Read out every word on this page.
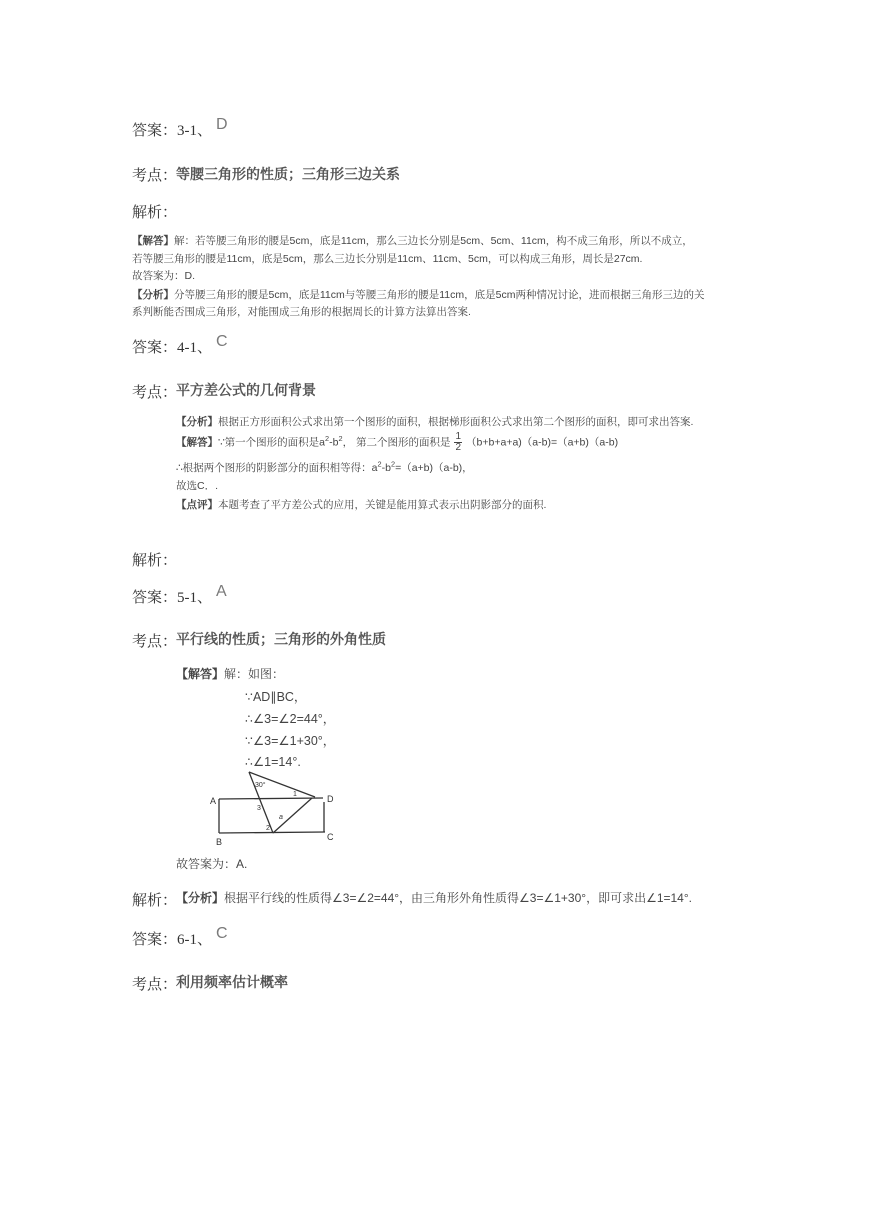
答案：3-1、 D
考点：
等腰三角形的性质；三角形三边关系
解析：
【解答】解：若等腰三角形的腰是5cm，底是11cm，那么三边长分别是5cm、5cm、11cm，构不成三角形，所以不成立，
若等腰三角形的腰是11cm，底是5cm，那么三边长分别是11cm、11cm、5cm，可以构成三角形，周长是27cm.
故答案为：D.
【分析】分等腰三角形的腰是5cm，底是11cm与等腰三角形的腰是11cm，底是5cm两种情况讨论，进而根据三角形三边的关
系判断能否围成三角形，对能围成三角形的根据周长的计算方法算出答案.
答案：4-1、 C
考点：
平方差公式的几何背景
【分析】根据正方形面积公式求出第一个图形的面积，根据梯形面积公式求出第二个图形的面积，即可求出答案.
【解答】∵第一个图形的面积是$a^2-b^2$， 第二个图形的面积是 $\frac{1}{2} (b+b+a+a)(a-b)=(a+b)(a-b)$
∴根据两个图形的阴影部分的面积相等得：$a^2-b^2=(a+b)(a-b)$，
故选C．.
【点评】本题考查了平方差公式的应用，关键是能用算式表示出阴影部分的面积.
解析：
答案：5-1、 A
考点：
平行线的性质；三角形的外角性质
【解答】解：如图：
∵AD∥BC，
∴∠3=∠2=44°，
∵∠3=∠1+30°，
∴∠1=14°.
A
B	C
D
30°
1
3
a
2
故答案为：A.
解析：
【分析】根据平行线的性质得∠3=∠2=44°，由三角形外角性质得∠3=∠1+30°，即可求出∠1=14°.
答案：6-1、 C
考点：
利用频率估计概率
